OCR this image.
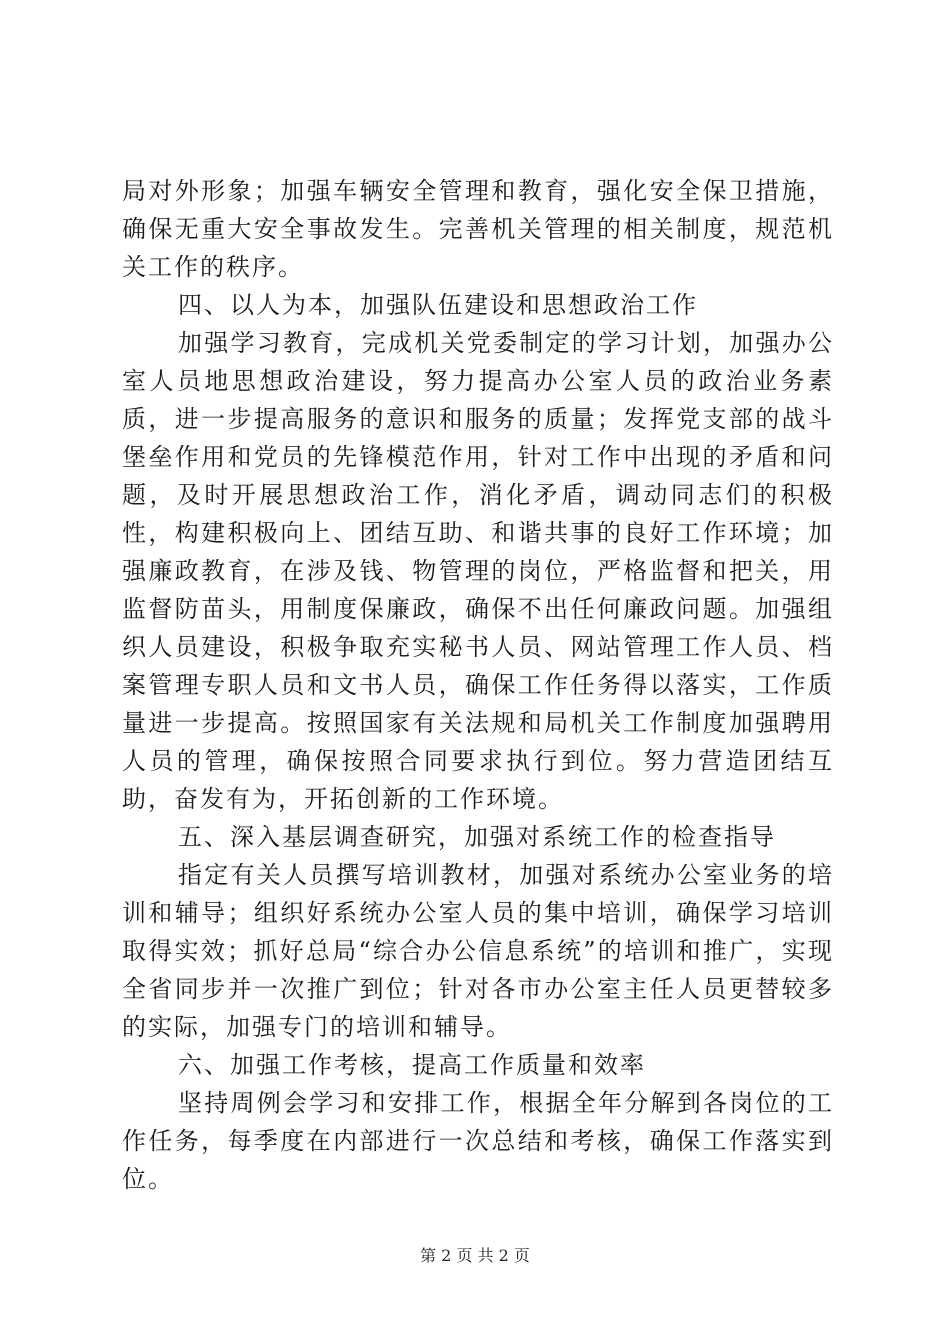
局对外形象；加强车辆安全管理和教育，强化安全保卫措施，确保无重大安全事故发生。完善机关管理的相关制度，规范机关工作的秩序。

四、以人为本，加强队伍建设和思想政治工作

加强学习教育，完成机关党委制定的学习计划，加强办公室人员地思想政治建设，努力提高办公室人员的政治业务素质，进一步提高服务的意识和服务的质量；发挥党支部的战斗堡垒作用和党员的先锋模范作用，针对工作中出现的矛盾和问题，及时开展思想政治工作，消化矛盾，调动同志们的积极性，构建积极向上、团结互助、和谐共事的良好工作环境；加强廉政教育，在涉及钱、物管理的岗位，严格监督和把关，用监督防苗头，用制度保廉政，确保不出任何廉政问题。加强组织人员建设，积极争取充实秘书人员、网站管理工作人员、档案管理专职人员和文书人员，确保工作任务得以落实，工作质量进一步提高。按照国家有关法规和局机关工作制度加强聘用人员的管理，确保按照合同要求执行到位。努力营造团结互助，奋发有为，开拓创新的工作环境。

五、深入基层调查研究，加强对系统工作的检查指导

指定有关人员撰写培训教材，加强对系统办公室业务的培训和辅导；组织好系统办公室人员的集中培训，确保学习培训取得实效；抓好总局“综合办公信息系统”的培训和推广，实现全省同步并一次推广到位；针对各市办公室主任人员更替较多的实际，加强专门的培训和辅导。

六、加强工作考核，提高工作质量和效率

坚持周例会学习和安排工作，根据全年分解到各岗位的工作任务，每季度在内部进行一次总结和考核，确保工作落实到位。

第 2 页 共 2 页
